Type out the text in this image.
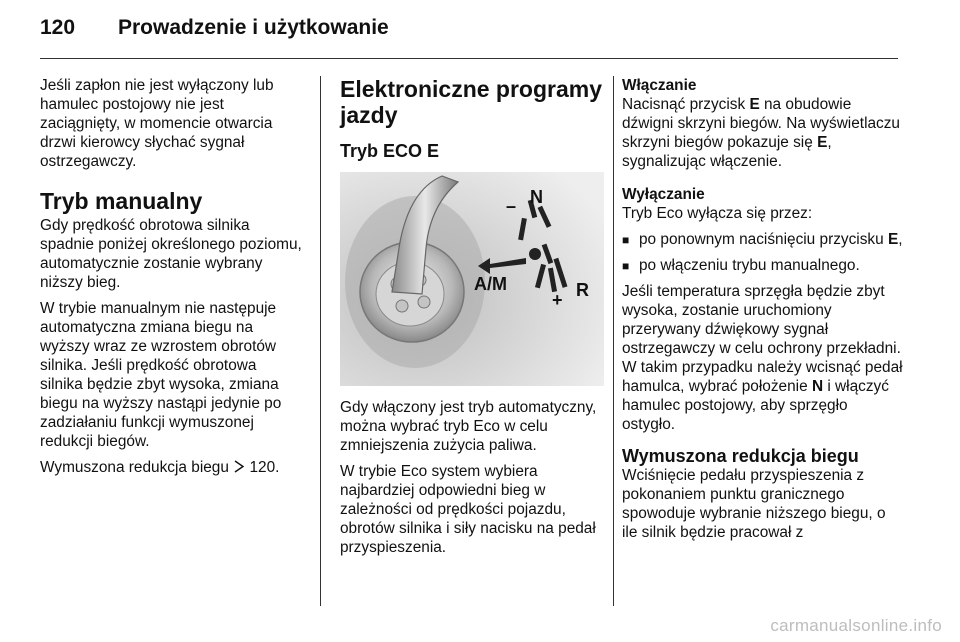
120	Prowadzenie i użytkowanie

Jeśli zapłon nie jest wyłączony lub hamulec postojowy nie jest zaciągnięty, w momencie otwarcia drzwi kierowcy słychać sygnał ostrzegawczy.

Tryb manualny

Gdy prędkość obrotowa silnika spadnie poniżej określonego poziomu, automatycznie zostanie wybrany niższy bieg.

W trybie manualnym nie następuje automatyczna zmiana biegu na wyższy wraz ze wzrostem obrotów silnika. Jeśli prędkość obrotowa silnika będzie zbyt wysoka, zmiana biegu na wyższy nastąpi jedynie po zadziałaniu funkcji wymuszonej redukcji biegów.

Wymuszona redukcja biegu 120.

Elektroniczne programy jazdy
Tryb ECO E
– N
A/M
+ R

Gdy włączony jest tryb automatyczny, można wybrać tryb Eco w celu zmniejszenia zużycia paliwa.

W trybie Eco system wybiera najbardziej odpowiedni bieg w zależności od prędkości pojazdu, obrotów silnika i siły nacisku na pedał przyspieszenia.

Włączanie
Nacisnąć przycisk E na obudowie dźwigni skrzyni biegów. Na wyświetlaczu skrzyni biegów pokazuje się E, sygnalizując włączenie.
Wyłączanie

Tryb Eco wyłącza się przez:

■ po ponownym naciśnięciu przycisku E,
■ po włączeniu trybu manualnego.

Jeśli temperatura sprzęgła będzie zbyt wysoka, zostanie uruchomiony przerywany dźwiękowy sygnał ostrzegawczy w celu ochrony przekładni. W takim przypadku należy wcisnąć pedał hamulca, wybrać położenie N i włączyć hamulec postojowy, aby sprzęgło ostygło.

Wymuszona redukcja biegu

Wciśnięcie pedału przyspieszenia z pokonaniem punktu granicznego spowoduje wybranie niższego biegu, o ile silnik będzie pracował z

carmanualsonline.info
